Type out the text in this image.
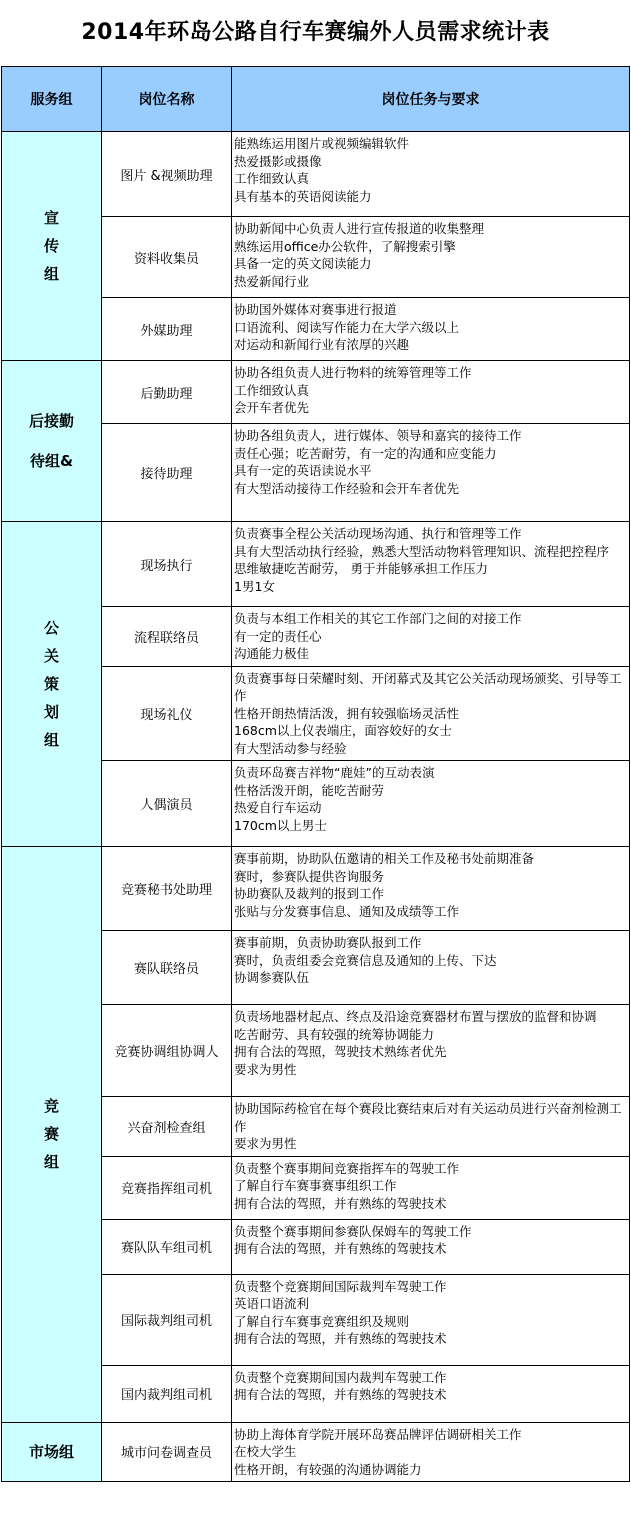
2014年环岛公路自行车赛编外人员需求统计表
服务组	岗位名称	岗位任务与要求
宣传组	图片 &视频助理	能熟练运用图片或视频编辑软件
热爱摄影或摄像
工作细致认真
具有基本的英语阅读能力

	资料收集员	协助新闻中心负责人进行宣传报道的收集整理
熟练运用office办公软件，了解搜索引擎
具备一定的英文阅读能力
热爱新闻行业

	外媒助理	协助国外媒体对赛事进行报道
口语流利、阅读写作能力在大学六级以上
对运动和新闻行业有浓厚的兴趣

后接勤待组&	后勤助理	协助各组负责人进行物料的统筹管理等工作
工作细致认真
会开车者优先

	接待助理	协助各组负责人，进行媒体、领导和嘉宾的接待工作
责任心强；吃苦耐劳，有一定的沟通和应变能力
具有一定的英语读说水平
有大型活动接待工作经验和会开车者优先

公关策划组	现场执行	负责赛事全程公关活动现场沟通、执行和管理等工作
具有大型活动执行经验，熟悉大型活动物料管理知识、流程把控程序
思维敏捷吃苦耐劳， 勇于并能够承担工作压力
1男1女

	流程联络员	负责与本组工作相关的其它工作部门之间的对接工作
有一定的责任心
沟通能力极佳

	现场礼仪	负责赛事每日荣耀时刻、开闭幕式及其它公关活动现场颁奖、引导等工作
性格开朗热情活泼，拥有较强临场灵活性
168cm以上仪表端庄，面容姣好的女士
有大型活动参与经验

	人偶演员	负责环岛赛吉祥物“鹿娃”的互动表演
性格活泼开朗，能吃苦耐劳
热爱自行车运动
170cm以上男士

竞赛组	竞赛秘书处助理	赛事前期，协助队伍邀请的相关工作及秘书处前期准备
赛时，参赛队提供咨询服务
协助赛队及裁判的报到工作
张贴与分发赛事信息、通知及成绩等工作

	赛队联络员	赛事前期，负责协助赛队报到工作
赛时，负责组委会竞赛信息及通知的上传、下达
协调参赛队伍

	竞赛协调组协调人	负责场地器材起点、终点及沿途竞赛器材布置与摆放的监督和协调
吃苦耐劳、具有较强的统筹协调能力
拥有合法的驾照，驾驶技术熟练者优先
要求为男性

	兴奋剂检查组	协助国际药检官在每个赛段比赛结束后对有关运动员进行兴奋剂检测工作
要求为男性

	竞赛指挥组司机	负责整个赛事期间竞赛指挥车的驾驶工作
了解自行车赛事赛事组织工作
拥有合法的驾照，并有熟练的驾驶技术

	赛队队车组司机	负责整个赛事期间参赛队保姆车的驾驶工作
拥有合法的驾照，并有熟练的驾驶技术

	国际裁判组司机	负责整个竞赛期间国际裁判车驾驶工作
英语口语流利
了解自行车赛事竞赛组织及规则
拥有合法的驾照，并有熟练的驾驶技术

	国内裁判组司机	负责整个竞赛期间国内裁判车驾驶工作
拥有合法的驾照，并有熟练的驾驶技术

市场组	城市问卷调查员	协助上海体育学院开展环岛赛品牌评估调研相关工作
在校大学生
性格开朗，有较强的沟通协调能力
